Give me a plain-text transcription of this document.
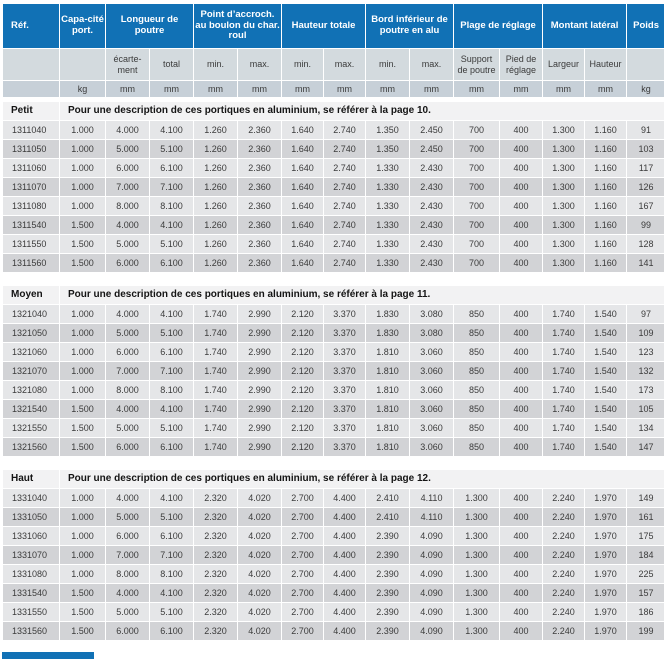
Réf.	Capa-cité port.	Longueur de poutre		Point d’accroch. au boulon du char. roul		Hauteur totale		Bord inférieur de poutre en alu		Plage de réglage		Montant latéral		Poids
		écarte-ment	total	min.	max.	min.	max.	min.	max.	Support de poutre	Pied de réglage	Largeur	Hauteur	
	kg	mm	mm	mm	mm	mm	mm	mm	mm	mm	mm	mm	mm	kg

Petit	Pour une description de ces portiques en aluminium, se référer à la page 10.													
1311040	1.000	4.000	4.100	1.260	2.360	1.640	2.740	1.350	2.450	700	400	1.300	1.160	91
1311050	1.000	5.000	5.100	1.260	2.360	1.640	2.740	1.350	2.450	700	400	1.300	1.160	103
1311060	1.000	6.000	6.100	1.260	2.360	1.640	2.740	1.330	2.430	700	400	1.300	1.160	117
1311070	1.000	7.000	7.100	1.260	2.360	1.640	2.740	1.330	2.430	700	400	1.300	1.160	126
1311080	1.000	8.000	8.100	1.260	2.360	1.640	2.740	1.330	2.430	700	400	1.300	1.160	167
1311540	1.500	4.000	4.100	1.260	2.360	1.640	2.740	1.330	2.430	700	400	1.300	1.160	99
1311550	1.500	5.000	5.100	1.260	2.360	1.640	2.740	1.330	2.430	700	400	1.300	1.160	128
1311560	1.500	6.000	6.100	1.260	2.360	1.640	2.740	1.330	2.430	700	400	1.300	1.160	141

Moyen	Pour une description de ces portiques en aluminium, se référer à la page 11.													
1321040	1.000	4.000	4.100	1.740	2.990	2.120	3.370	1.830	3.080	850	400	1.740	1.540	97
1321050	1.000	5.000	5.100	1.740	2.990	2.120	3.370	1.830	3.080	850	400	1.740	1.540	109
1321060	1.000	6.000	6.100	1.740	2.990	2.120	3.370	1.810	3.060	850	400	1.740	1.540	123
1321070	1.000	7.000	7.100	1.740	2.990	2.120	3.370	1.810	3.060	850	400	1.740	1.540	132
1321080	1.000	8.000	8.100	1.740	2.990	2.120	3.370	1.810	3.060	850	400	1.740	1.540	173
1321540	1.500	4.000	4.100	1.740	2.990	2.120	3.370	1.810	3.060	850	400	1.740	1.540	105
1321550	1.500	5.000	5.100	1.740	2.990	2.120	3.370	1.810	3.060	850	400	1.740	1.540	134
1321560	1.500	6.000	6.100	1.740	2.990	2.120	3.370	1.810	3.060	850	400	1.740	1.540	147

Haut	Pour une description de ces portiques en aluminium, se référer à la page 12.													
1331040	1.000	4.000	4.100	2.320	4.020	2.700	4.400	2.410	4.110	1.300	400	2.240	1.970	149
1331050	1.000	5.000	5.100	2.320	4.020	2.700	4.400	2.410	4.110	1.300	400	2.240	1.970	161
1331060	1.000	6.000	6.100	2.320	4.020	2.700	4.400	2.390	4.090	1.300	400	2.240	1.970	175
1331070	1.000	7.000	7.100	2.320	4.020	2.700	4.400	2.390	4.090	1.300	400	2.240	1.970	184
1331080	1.000	8.000	8.100	2.320	4.020	2.700	4.400	2.390	4.090	1.300	400	2.240	1.970	225
1331540	1.500	4.000	4.100	2.320	4.020	2.700	4.400	2.390	4.090	1.300	400	2.240	1.970	157
1331550	1.500	5.000	5.100	2.320	4.020	2.700	4.400	2.390	4.090	1.300	400	2.240	1.970	186
1331560	1.500	6.000	6.100	2.320	4.020	2.700	4.400	2.390	4.090	1.300	400	2.240	1.970	199
